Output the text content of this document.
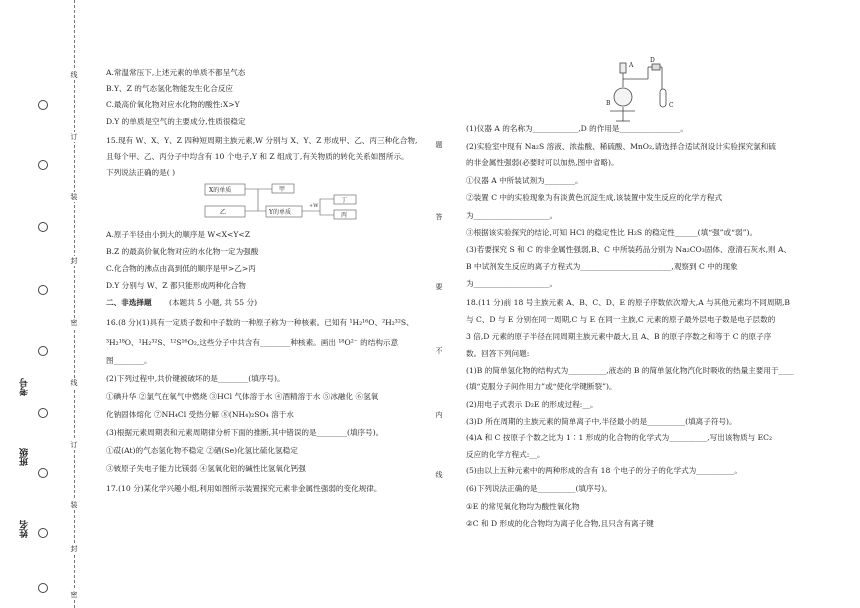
线
订
装
封
密
线
订
装
封
密
考号
班级
姓名
题
答
要
不
内
线
A.常温常压下,上述元素的单质不都呈气态
B.Y、Z 的气态氢化物能发生化合反应
C.最高价氧化物对应水化物的酸性:X>Y
D.Y 的单质是空气的主要成分,性质很稳定
15.现有 W、X、Y、Z 四种短周期主族元素,W 分别与 X、Y、Z 形成甲、乙、丙三种化合物,
且每个甲、乙、丙分子中均含有 10 个电子,Y 和 Z 组成丁,有关物质的转化关系如图所示。
下列说法正确的是( )
A.原子半径由小到大的顺序是 W<X<Y<Z
B.Z 的最高价氧化物对应的水化物一定为强酸
C.化合物的沸点由高到低的顺序是甲>乙>丙
D.Y 分别与 W、Z 都只能形成两种化合物
二、非选择题 (本题共 5 小题, 共 55 分)
16.(8 分)(1)具有一定质子数和中子数的一种原子称为一种核素。已知有 ¹H₂¹⁶O、²H₂³²S、
³H₂¹⁸O、¹H₂³²S、¹²S¹⁶O₂,这些分子中共含有________种核素。画出 ¹⁸O²⁻ 的结构示意
图________。
(2)下列过程中,共价键被破坏的是________(填序号)。
①碘升华 ②氯气在氧气中燃烧 ③HCl 气体溶于水 ④酒精溶于水 ⑤冰融化 ⑥氢氧
化钠固体熔化 ⑦NH₄Cl 受热分解 ⑧(NH₄)₂SO₄ 溶于水
(3)根据元素周期表和元素周期律分析下面的推断,其中错误的是________(填序号)。
①砹(At)的气态氢化物不稳定 ②硒(Se)化氢比硫化氢稳定
③铍原子失电子能力比镁弱 ④氢氧化铝的碱性比氢氧化钙强
17.(10 分)某化学兴趣小组,利用如图所示装置探究元素非金属性强弱的变化规律。
X的单质	甲
乙	Y的单质
丁
丙
+W
(1)仪器 A 的名称为____________,D 的作用是________________。
(2)实验室中现有 Na₂S 溶液、浓盐酸、稀硫酸、MnO₂,请选择合适试剂设计实验探究氯和硫
的非金属性强弱(必要时可以加热,图中省略)。
①仪器 A 中所装试剂为________。
②装置 C 中的实验现象为有淡黄色沉淀生成,该装置中发生反应的化学方程式
为____________________。
③根据该实验探究的结论,可知 HCl 的稳定性比 H₂S 的稳定性______(填“强”或“弱”)。
(3)若要探究 S 和 C 的非金属性强弱,B、C 中所装药品分别为 Na₂CO₃固体、澄清石灰水,则 A、
B 中试剂发生反应的离子方程式为________________________,观察到 C 中的现象
为____________________。
18.(11 分)前 18 号主族元素 A、B、C、D、E 的原子序数依次增大,A 与其他元素均不同周期,B
与 C、D 与 E 分别在同一周期,C 与 E 在同一主族,C 元素的原子最外层电子数是电子层数的
3 倍,D 元素的原子半径在同周期主族元素中最大,且 A、B 的原子序数之和等于 C 的原子序
数。回答下列问题:
(1)B 的简单氢化物的结构式为__________,液态的 B 的简单氢化物汽化时吸收的热量主要用于____
(填“克服分子间作用力”或“使化学键断裂”)。
(2)用电子式表示 D₂E 的形成过程:__。
(3)D 所在周期的主族元素的简单离子中,半径最小的是__________(填离子符号)。
(4)A 和 C 按原子个数之比为 1∶1 形成的化合物的化学式为__________,写出该物质与 EC₂
反应的化学方程式:__。
(5)由以上五种元素中的两种形成的含有 18 个电子的分子的化学式为__________。
(6)下列说法正确的是__________(填序号)。
①E 的常见氧化物均为酸性氧化物
②C 和 D 形成的化合物均为离子化合物,且只含有离子键
A
B	C
D
